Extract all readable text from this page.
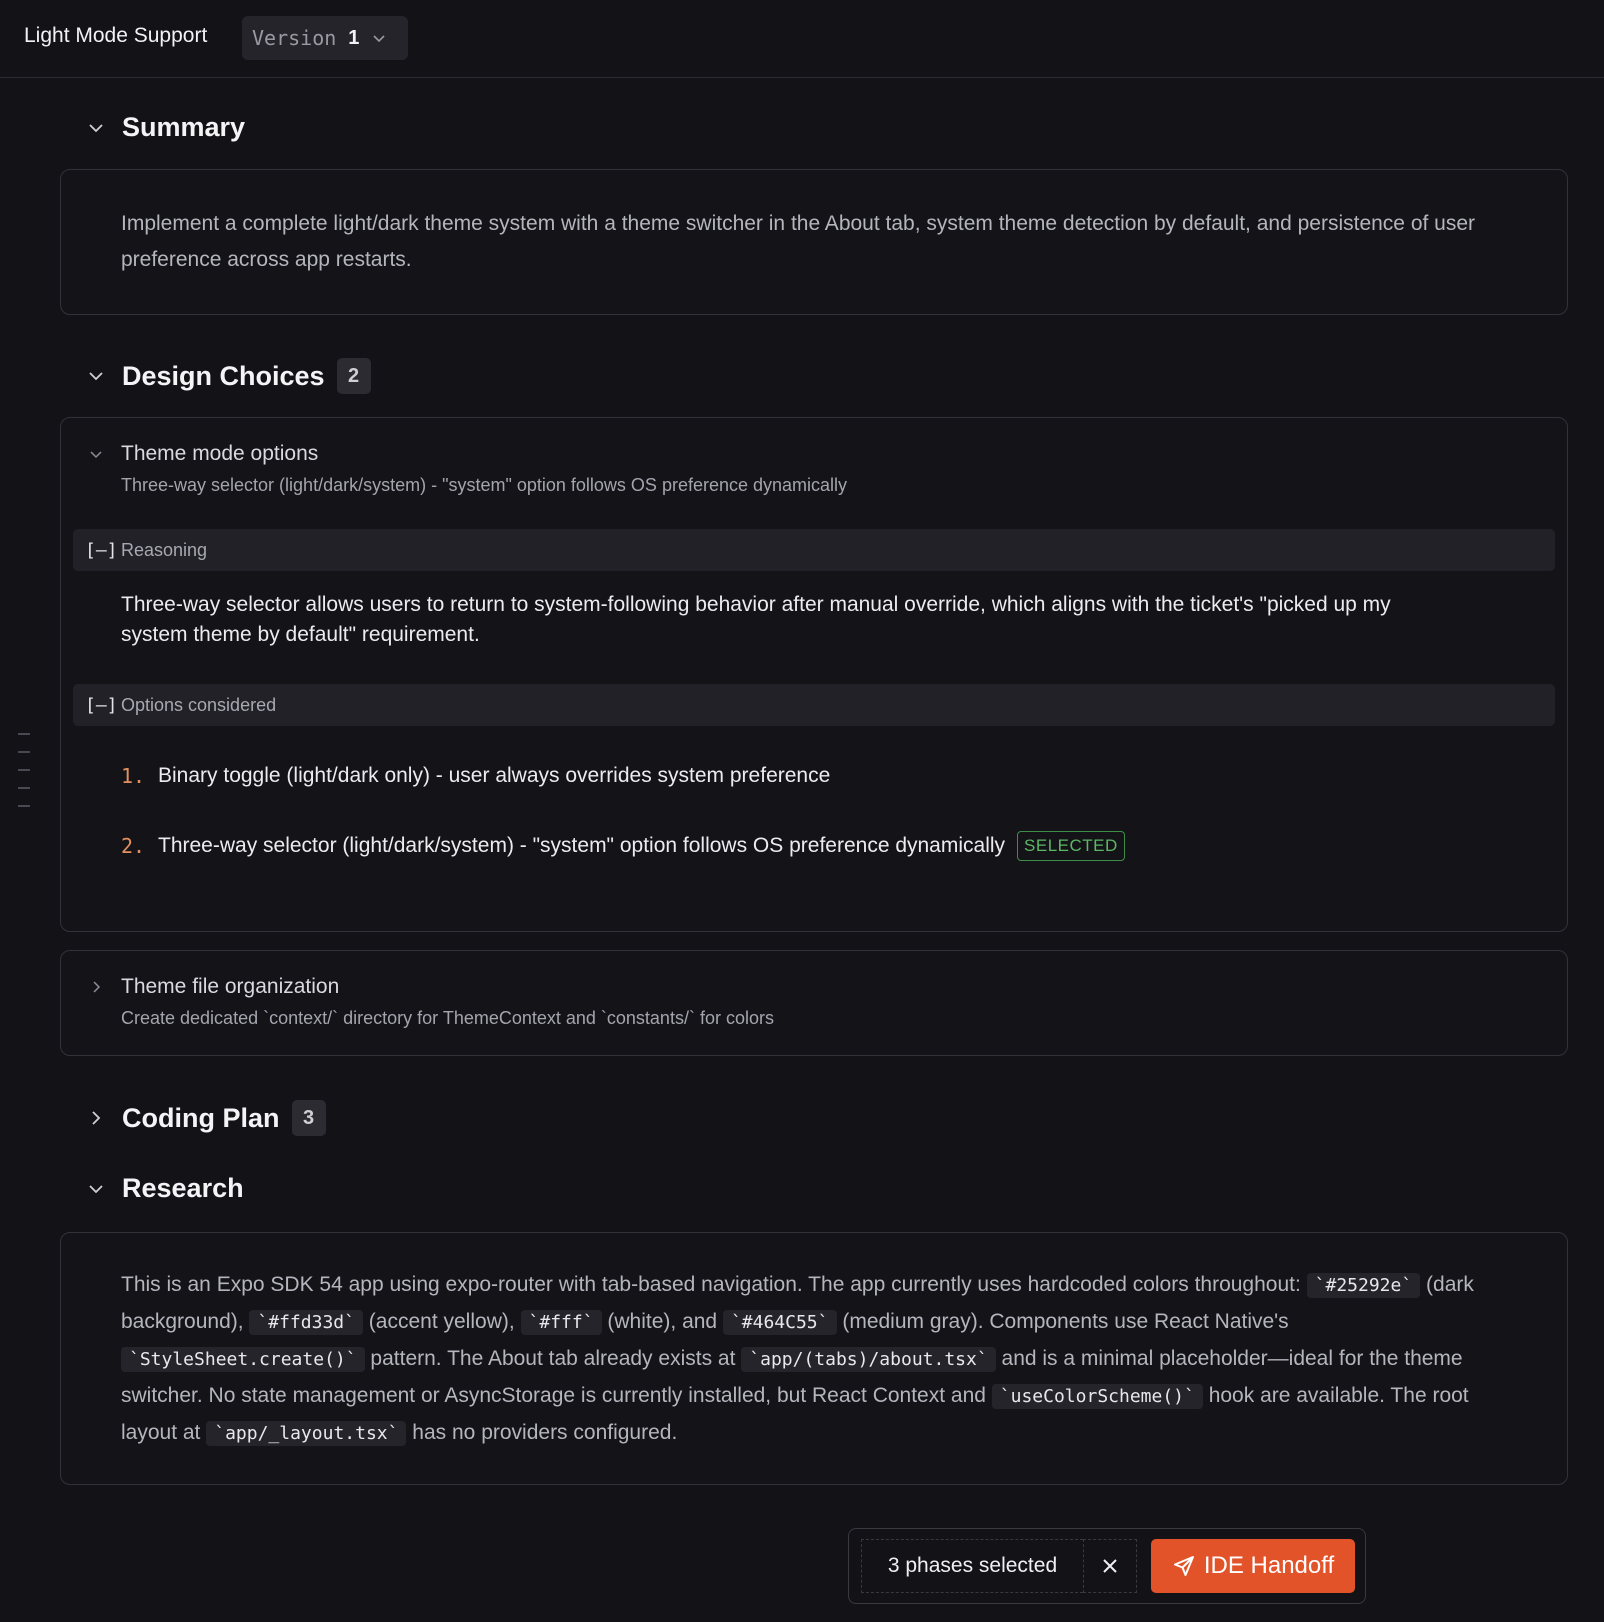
Light Mode Support Version 1
Summary
Implement a complete light/dark theme system with a theme switcher in the About tab, system theme detection by default, and persistence of user preference across app restarts.
Design Choices	2
Theme mode options
Three-way selector (light/dark/system) - "system" option follows OS preference dynamically
[–] Reasoning
Three-way selector allows users to return to system-following behavior after manual override, which aligns with the ticket's "picked up my system theme by default" requirement.
[–] Options considered
1. Binary toggle (light/dark only) - user always overrides system preference
2. Three-way selector (light/dark/system) - "system" option follows OS preference dynamically	SELECTED
Theme file organization
Create dedicated `context/` directory for ThemeContext and `constants/` for colors
Coding Plan	3
Research
This is an Expo SDK 54 app using expo-router with tab-based navigation. The app currently uses hardcoded colors throughout: `#25292e` (dark background), `#ffd33d` (accent yellow), `#fff` (white), and `#464C55` (medium gray). Components use React Native's `StyleSheet.create()` pattern. The About tab already exists at `app/(tabs)/about.tsx` and is a minimal placeholder—ideal for the theme switcher. No state management or AsyncStorage is currently installed, but React Context and `useColorScheme()` hook are available. The root layout at `app/_layout.tsx` has no providers configured.
3 phases selected	IDE Handoff
